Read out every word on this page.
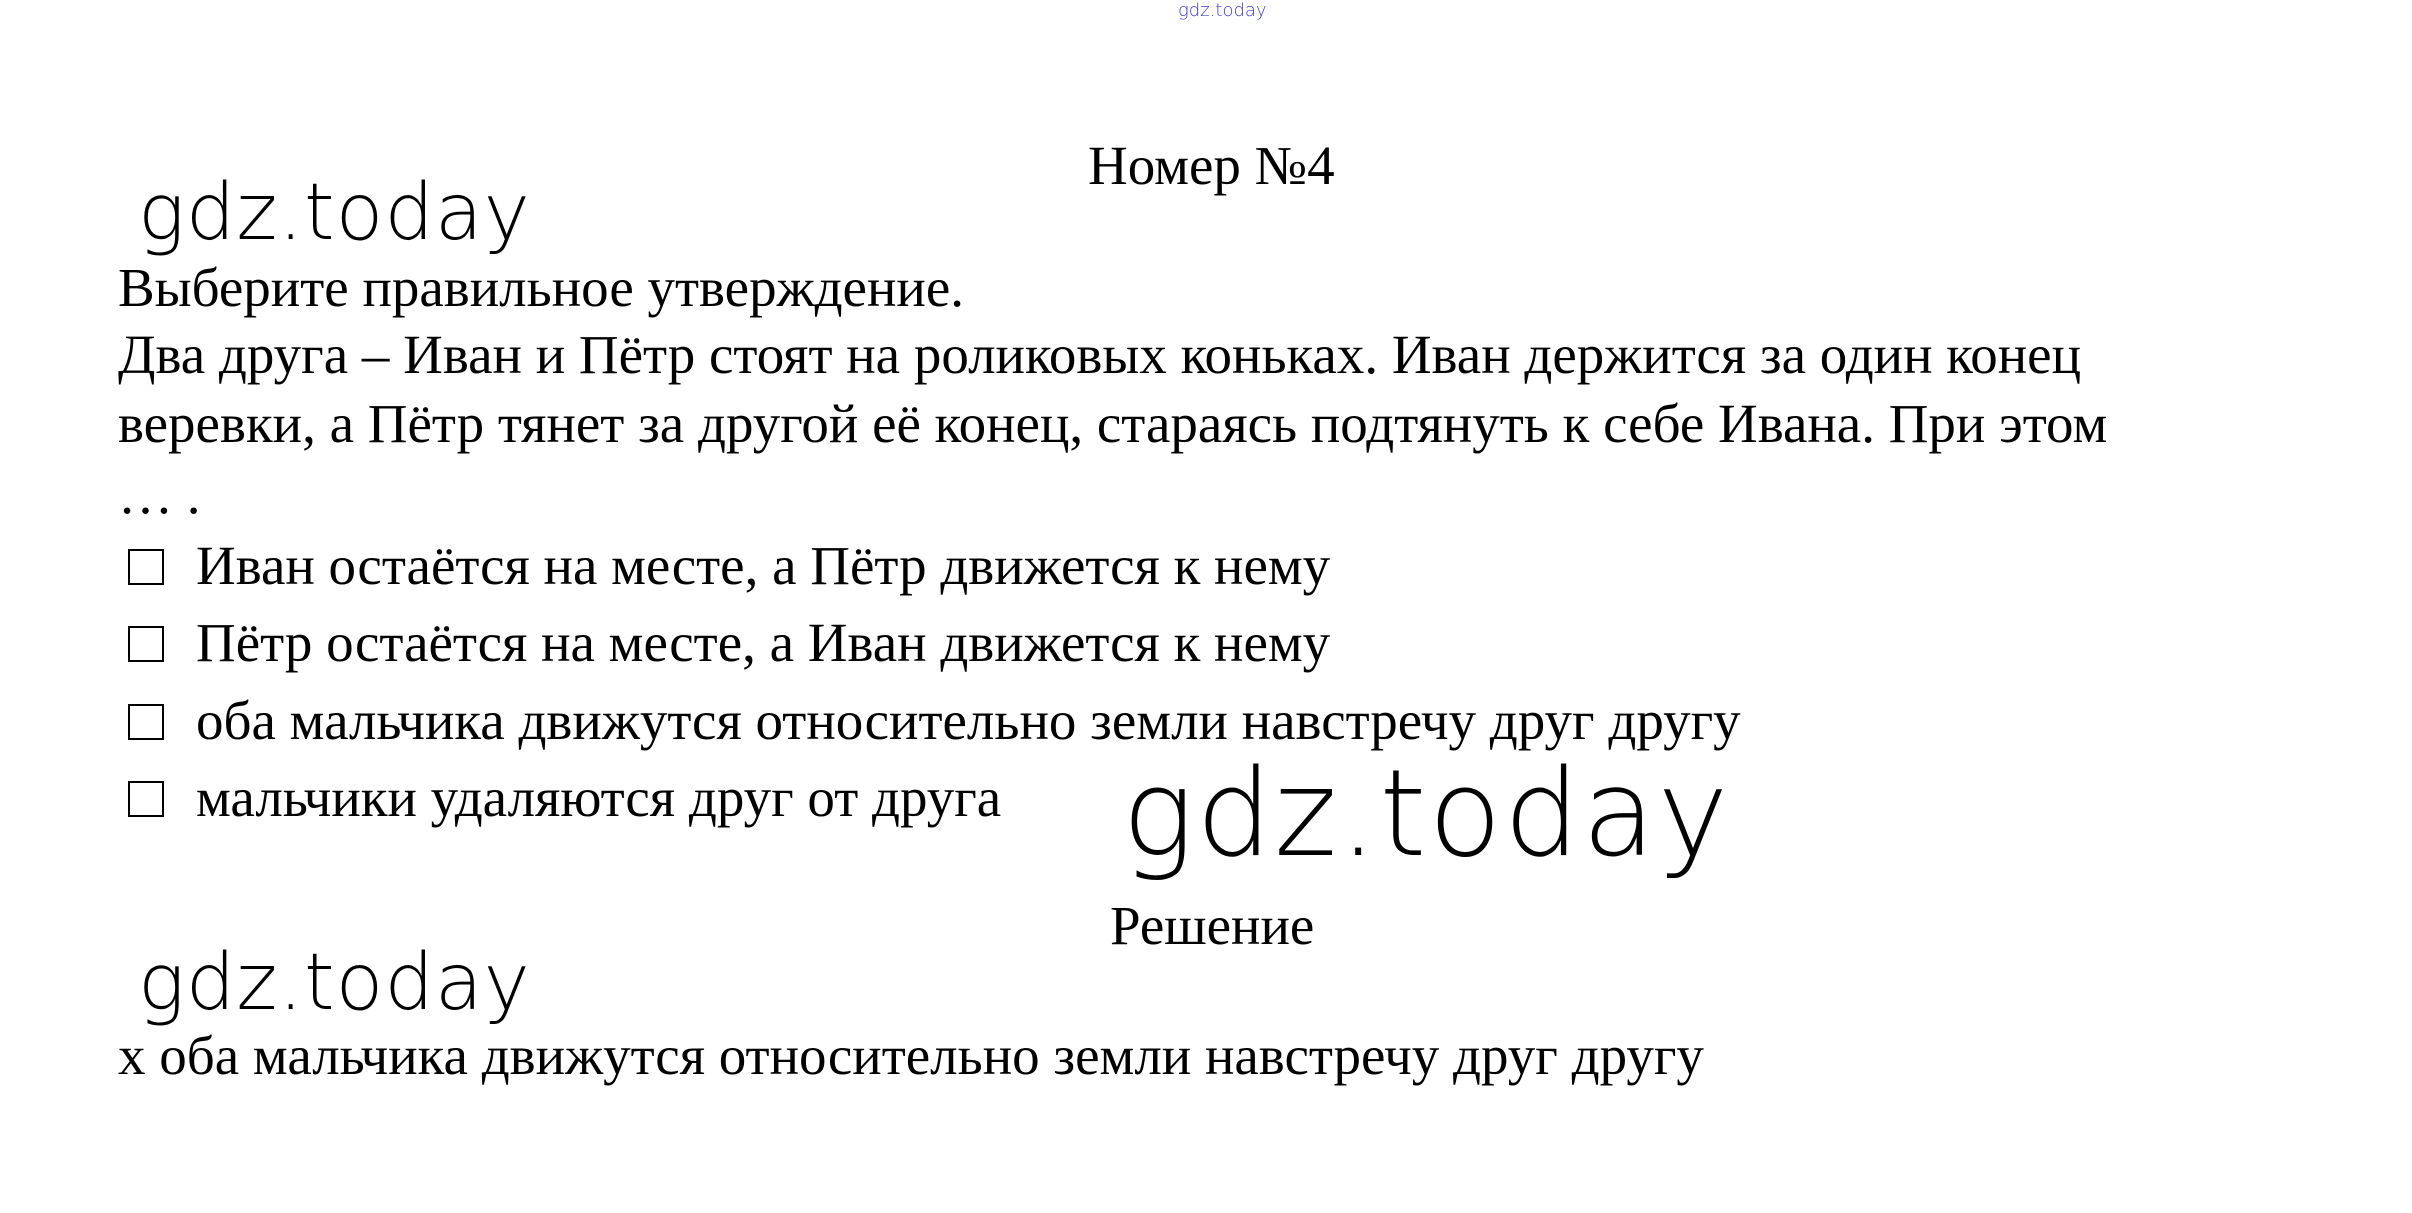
gdz.today
Номер №4
gdz.today
Выберите правильное утверждение.
Два друга – Иван и Пётр стоят на роликовых коньках. Иван держится за один конец
веревки, а Пётр тянет за другой её конец, стараясь подтянуть к себе Ивана. При этом
… .
Иван остаётся на месте, а Пётр движется к нему
Пётр остаётся на месте, а Иван движется к нему
оба мальчика движутся относительно земли навстречу друг другу
мальчики удаляются друг от друга gdz.today
Решение
gdz.today
х оба мальчика движутся относительно земли навстречу друг другу
